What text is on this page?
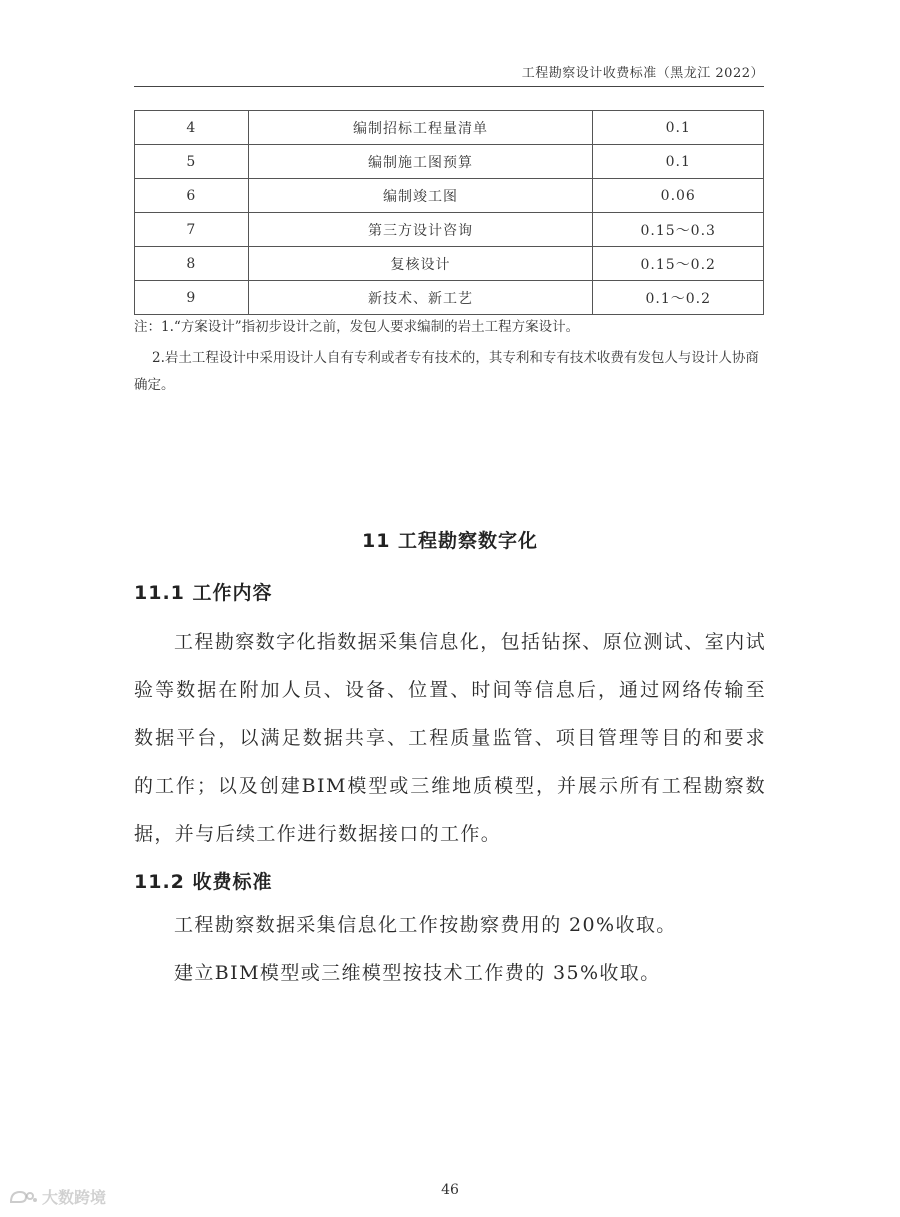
工程勘察设计收费标准（黑龙江 2022）
4	编制招标工程量清单	0.1
5	编制施工图预算	0.1
6	编制竣工图	0.06
7	第三方设计咨询	0.15～0.3
8	复核设计	0.15～0.2
9	新技术、新工艺	0.1～0.2
注：1.“方案设计”指初步设计之前，发包人要求编制的岩土工程方案设计。
2.岩土工程设计中采用设计人自有专利或者专有技术的，其专利和专有技术收费有发包人与设计人协商确定。
11 工程勘察数字化
11.1 工作内容
工程勘察数字化指数据采集信息化，包括钻探、原位测试、室内试验等数据在附加人员、设备、位置、时间等信息后，通过网络传输至数据平台，以满足数据共享、工程质量监管、项目管理等目的和要求的工作；以及创建BIM模型或三维地质模型，并展示所有工程勘察数据，并与后续工作进行数据接口的工作。
11.2 收费标准
工程勘察数据采集信息化工作按勘察费用的 20%收取。
建立BIM模型或三维模型按技术工作费的 35%收取。
46
大数跨境
